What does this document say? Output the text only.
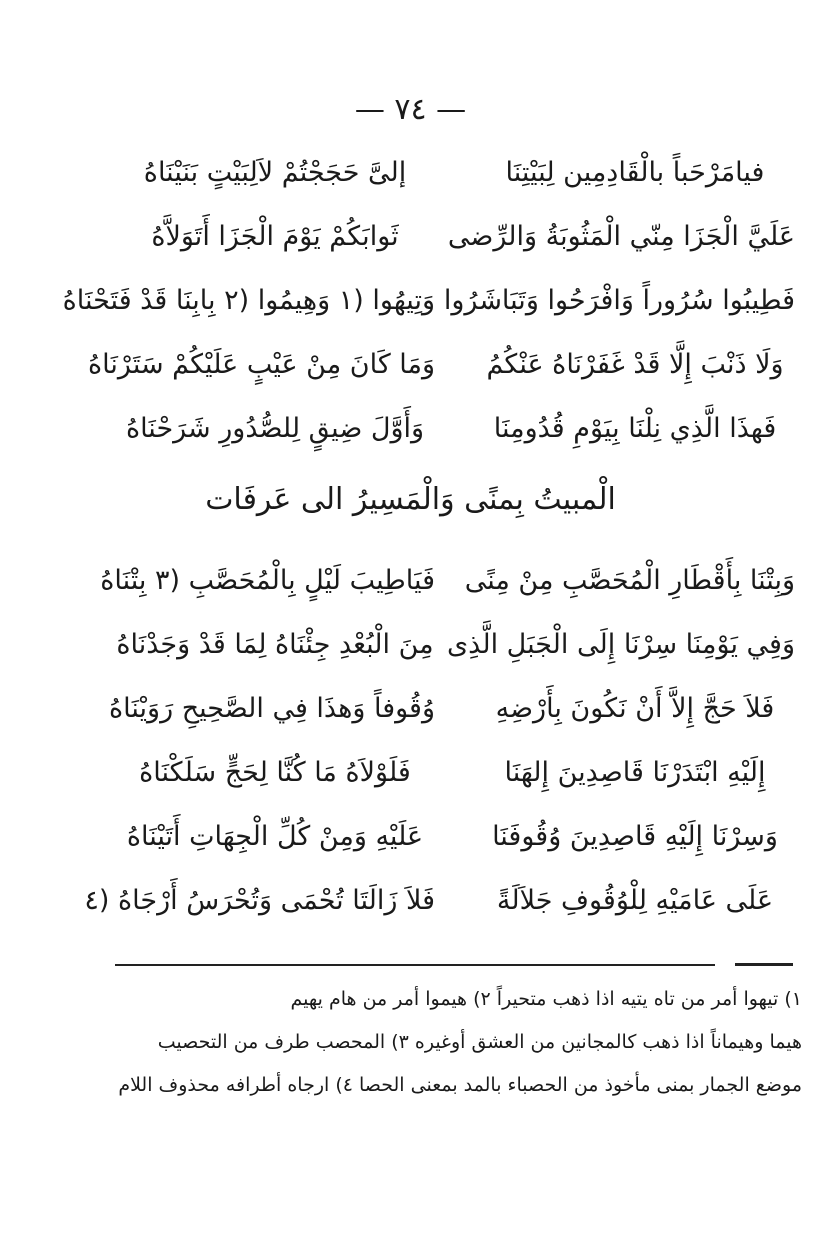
— ٧٤ —
فيامَرْحَباً بالْقَادِمِين لِبَيْتِنَا
إلىَّ حَجَجْتُمْ لاَلِبَيْتٍ بَنَيْنَاهُ
عَلَيَّ الْجَزَا مِنّي الْمَثُوبَةُ وَالرِّضى
ثَوابَكُمْ يَوْمَ الْجَزَا أَتَوَلاَّهُ
فَطِيبُوا سُرُوراً وَافْرَحُوا وَتَبَاشَرُوا
وَتِيهُوا (١ وَهِيمُوا (٢ بِابِنَا قَدْ فَتَحْنَاهُ
وَلَا ذَنْبَ إِلَّا قَدْ غَفَرْنَاهُ عَنْكُمُ
وَمَا كَانَ مِنْ عَيْبٍ عَلَيْكُمْ سَتَرْنَاهُ
فَهذَا الَّذِي نِلْنَا بِيَوْمِ قُدُومِنَا
وَأَوَّلَ ضِيقٍ لِلصُّدُورِ شَرَحْنَاهُ
الْمبيتُ بِمنًى وَالْمَسِيرُ الى عَرفَات
وَبِتْنَا بِأَقْطَارِ الْمُحَصَّبِ مِنْ مِنًى
فَيَاطِيبَ لَيْلٍ بِالْمُحَصَّبِ (٣ بِتْنَاهُ
وَفِي يَوْمِنَا سِرْنَا إِلَى الْجَبَلِ الَّذِى
مِنَ الْبُعْدِ جِئْنَاهُ لِمَا قَدْ وَجَدْنَاهُ
فَلاَ حَجَّ إِلاَّ أَنْ نَكُونَ بِأَرْضِهِ
وُقُوفاً وَهذَا فِي الصَّحِيحِ رَوَيْنَاهُ
إِلَيْهِ ابْتَدَرْنَا قَاصِدِينَ إِلهَنَا
فَلَوْلاَهُ مَا كُنَّا لِحَجٍّ سَلَكْنَاهُ
وَسِرْنَا إِلَيْهِ قَاصِدِينَ وُقُوفَنَا
عَلَيْهِ وَمِنْ كُلِّ الْجِهَاتِ أَتَيْنَاهُ
عَلَى عَامَيْهِ لِلْوُقُوفِ جَلاَلَةً
فَلاَ زَالَتَا تُحْمَى وَتُحْرَسُ أَرْجَاهُ (٤
١) تيهوا أمر من تاه يتيه اذا ذهب متحيراً ٢) هيموا أمر من هام يهيم
هيما وهيماناً اذا ذهب كالمجانين من العشق أوغيره ٣) المحصب طرف من التحصيب
موضع الجمار بمنى مأخوذ من الحصباء بالمد بمعنى الحصا ٤) ارجاه أطرافه محذوف اللام
